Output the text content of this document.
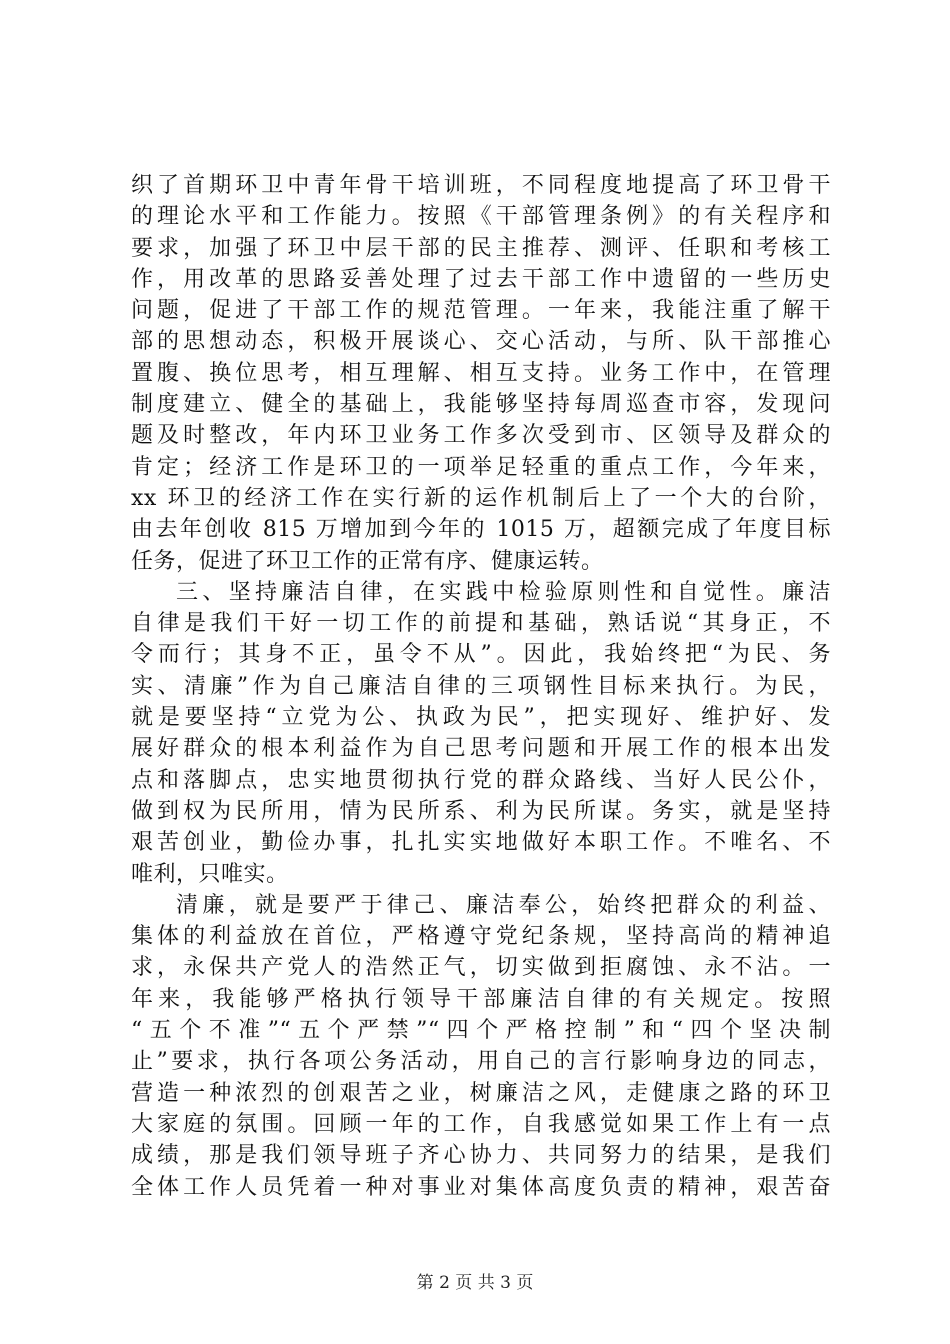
织了首期环卫中青年骨干培训班，不同程度地提高了环卫骨干
的理论水平和工作能力。按照《干部管理条例》的有关程序和
要求，加强了环卫中层干部的民主推荐、测评、任职和考核工
作，用改革的思路妥善处理了过去干部工作中遗留的一些历史
问题，促进了干部工作的规范管理。一年来，我能注重了解干
部的思想动态，积极开展谈心、交心活动，与所、队干部推心
置腹、换位思考，相互理解、相互支持。业务工作中，在管理
制度建立、健全的基础上，我能够坚持每周巡查市容，发现问
题及时整改，年内环卫业务工作多次受到市、区领导及群众的
肯定；经济工作是环卫的一项举足轻重的重点工作，今年来，
xx 环卫的经济工作在实行新的运作机制后上了一个大的台阶，
由去年创收 815 万增加到今年的 1015 万，超额完成了年度目标
任务，促进了环卫工作的正常有序、健康运转。
三、坚持廉洁自律，在实践中检验原则性和自觉性。廉洁
自律是我们干好一切工作的前提和基础，熟话说“其身正，不
令而行；其身不正，虽令不从”。因此，我始终把“为民、务
实、清廉”作为自己廉洁自律的三项钢性目标来执行。为民，
就是要坚持“立党为公、执政为民”，把实现好、维护好、发
展好群众的根本利益作为自己思考问题和开展工作的根本出发
点和落脚点，忠实地贯彻执行党的群众路线、当好人民公仆，
做到权为民所用，情为民所系、利为民所谋。务实，就是坚持
艰苦创业，勤俭办事，扎扎实实地做好本职工作。不唯名、不
唯利，只唯实。
清廉，就是要严于律己、廉洁奉公，始终把群众的利益、
集体的利益放在首位，严格遵守党纪条规，坚持高尚的精神追
求，永保共产党人的浩然正气，切实做到拒腐蚀、永不沾。一
年来，我能够严格执行领导干部廉洁自律的有关规定。按照
“五个不准”“五个严禁”“四个严格控制”和“四个坚决制
止”要求，执行各项公务活动，用自己的言行影响身边的同志，
营造一种浓烈的创艰苦之业，树廉洁之风，走健康之路的环卫
大家庭的氛围。回顾一年的工作，自我感觉如果工作上有一点
成绩，那是我们领导班子齐心协力、共同努力的结果，是我们
全体工作人员凭着一种对事业对集体高度负责的精神，艰苦奋
第 2 页 共 3 页
